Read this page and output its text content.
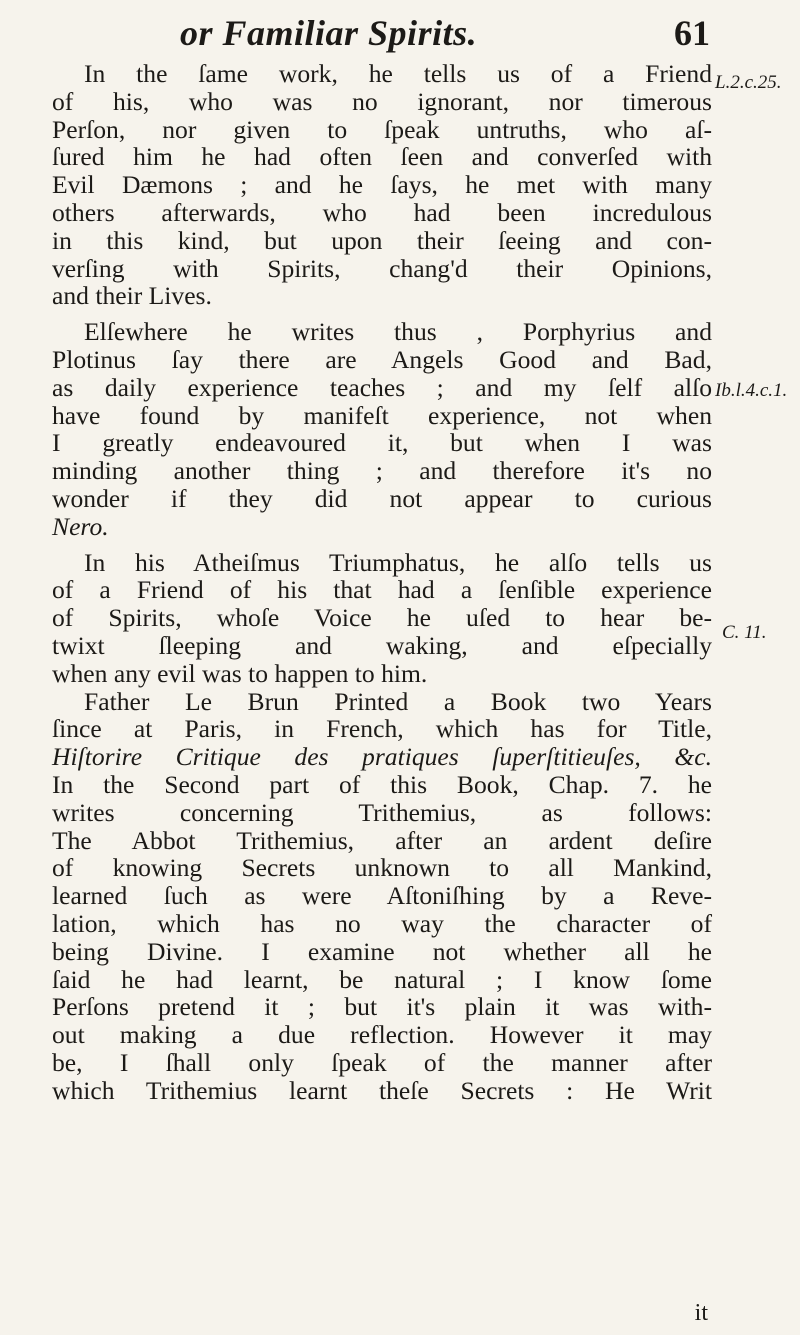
or Familiar Spirits.	61
L.2.c.25.
Ib.l.4.c.1.
C. 11.
In the ſame work, he tells us of a Friend
of his, who was no ignorant, nor timerous
Perſon, nor given to ſpeak untruths, who aſ-
ſured him he had often ſeen and converſed with
Evil Dæmons ; and he ſays, he met with many
others afterwards, who had been incredulous
in this kind, but upon their ſeeing and con-
verſing with Spirits, chang'd their Opinions,
and their Lives.
Elſewhere he writes thus , Porphyrius and
Plotinus ſay there are Angels Good and Bad,
as daily experience teaches ; and my ſelf alſo
have found by manifeſt experience, not when
I greatly endeavoured it, but when I was
minding another thing ; and therefore it's no
wonder if they did not appear to curious
Nero.
In his Atheiſmus Triumphatus, he alſo tells us
of a Friend of his that had a ſenſible experience
of Spirits, whoſe Voice he uſed to hear be-
twixt ſleeping and waking, and eſpecially
when any evil was to happen to him.
Father Le Brun Printed a Book two Years
ſince at Paris, in French, which has for Title,
Hiſtorire Critique des pratiques ſuperſtitieuſes, &c.
In the Second part of this Book, Chap. 7. he
writes concerning Trithemius, as follows:
The Abbot Trithemius, after an ardent deſire
of knowing Secrets unknown to all Mankind,
learned ſuch as were Aſtoniſhing by a Reve-
lation, which has no way the character of
being Divine. I examine not whether all he
ſaid he had learnt, be natural ; I know ſome
Perſons pretend it ; but it's plain it was with-
out making a due reflection. However it may
be, I ſhall only ſpeak of the manner after
which Trithemius learnt theſe Secrets : He Writ
it
